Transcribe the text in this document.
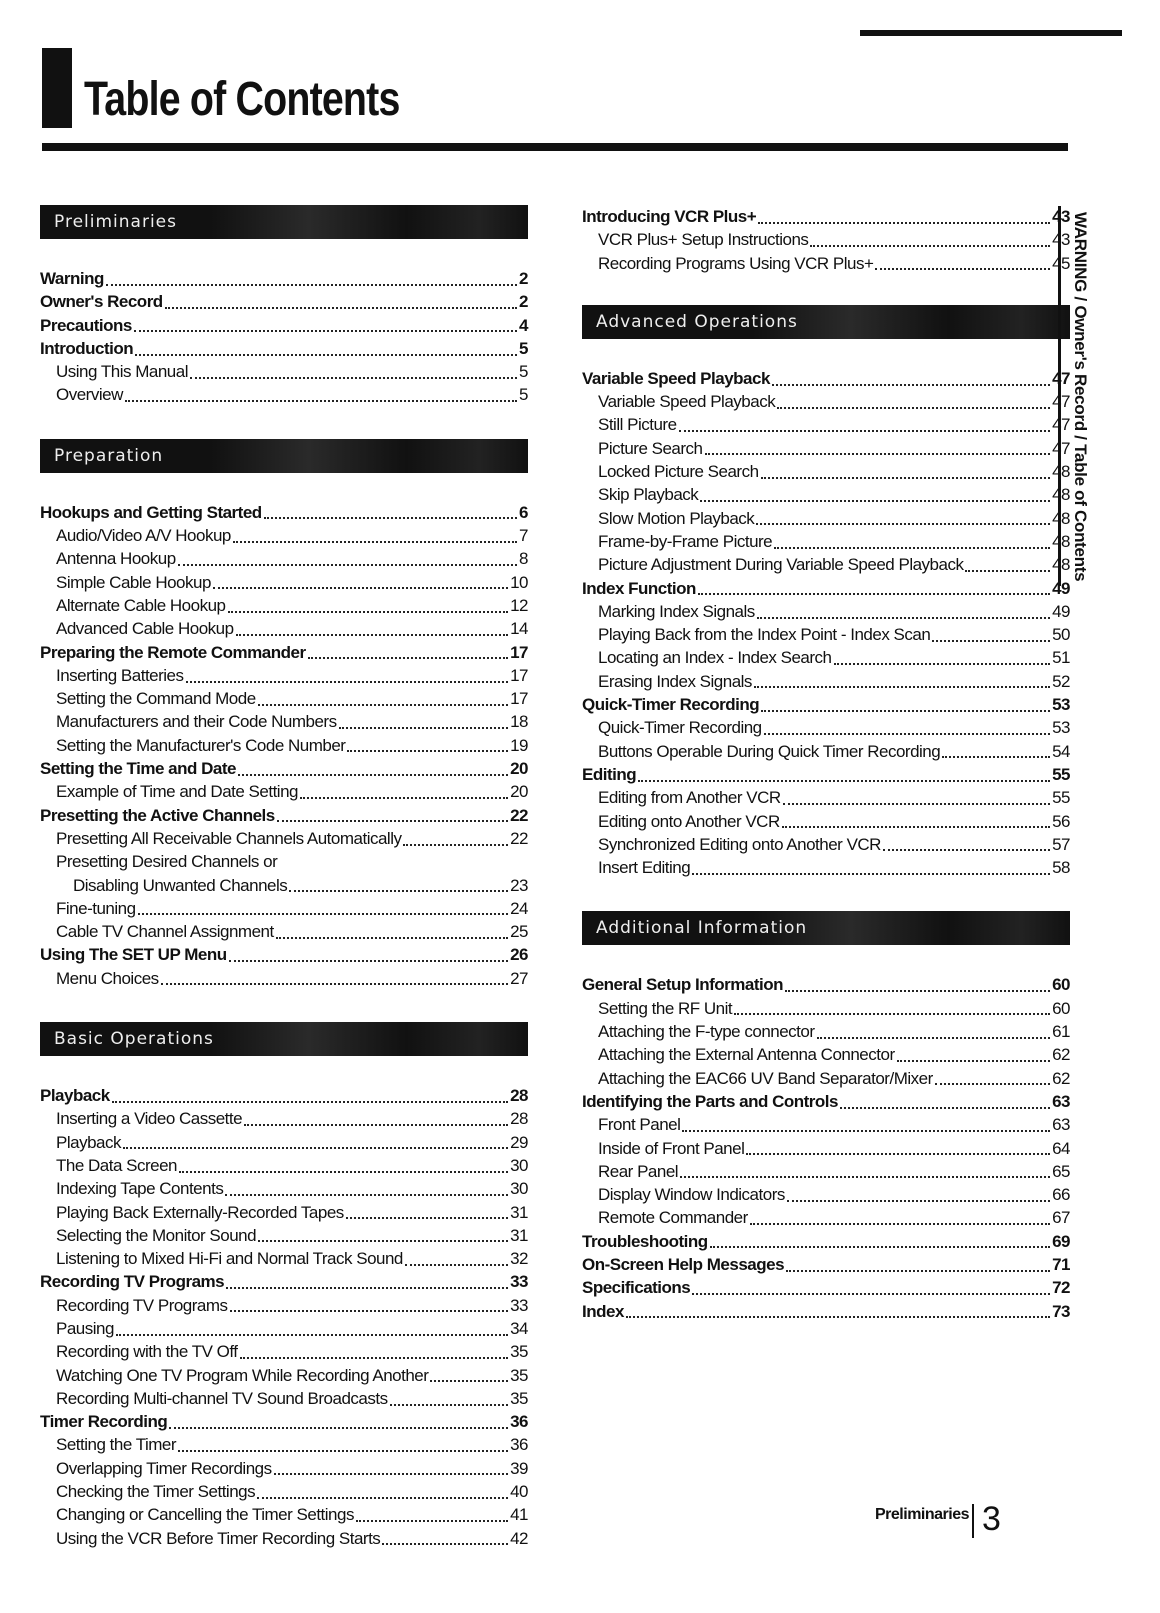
Table of Contents
Preliminaries
Warning	2
Owner's Record	2
Precautions	4
Introduction	5
Using This Manual	5
Overview	5
Preparation
Hookups and Getting Started	6
Audio/Video A/V Hookup	7
Antenna Hookup	8
Simple Cable Hookup	10
Alternate Cable Hookup	12
Advanced Cable Hookup	14
Preparing the Remote Commander	17
Inserting Batteries	17
Setting the Command Mode	17
Manufacturers and their Code Numbers	18
Setting the Manufacturer's Code Number	19
Setting the Time and Date	20
Example of Time and Date Setting	20
Presetting the Active Channels	22
Presetting All Receivable Channels Automatically	22
Presetting Desired Channels or
Disabling Unwanted Channels	23
Fine-tuning	24
Cable TV Channel Assignment	25
Using The SET UP Menu	26
Menu Choices	27
Basic Operations
Playback	28
Inserting a Video Cassette	28
Playback	29
The Data Screen	30
Indexing Tape Contents	30
Playing Back Externally-Recorded Tapes	31
Selecting the Monitor Sound	31
Listening to Mixed Hi-Fi and Normal Track Sound	32
Recording TV Programs	33
Recording TV Programs	33
Pausing	34
Recording with the TV Off	35
Watching One TV Program While Recording Another	35
Recording Multi-channel TV Sound Broadcasts	35
Timer Recording	36
Setting the Timer	36
Overlapping Timer Recordings	39
Checking the Timer Settings	40
Changing or Cancelling the Timer Settings	41
Using the VCR Before Timer Recording Starts	42
Introducing VCR Plus+	43
VCR Plus+ Setup Instructions	43
Recording Programs Using VCR Plus+	45
Advanced Operations
Variable Speed Playback	47
Variable Speed Playback	47
Still Picture	47
Picture Search	47
Locked Picture Search	48
Skip Playback	48
Slow Motion Playback	48
Frame-by-Frame Picture	48
Picture Adjustment During Variable Speed Playback	48
Index Function	49
Marking Index Signals	49
Playing Back from the Index Point - Index Scan	50
Locating an Index - Index Search	51
Erasing Index Signals	52
Quick-Timer Recording	53
Quick-Timer Recording	53
Buttons Operable During Quick Timer Recording	54
Editing	55
Editing from Another VCR	55
Editing onto Another VCR	56
Synchronized Editing onto Another VCR	57
Insert Editing	58
Additional Information
General Setup Information	60
Setting the RF Unit	60
Attaching the F-type connector	61
Attaching the External Antenna Connector	62
Attaching the EAC66 UV Band Separator/Mixer	62
Identifying the Parts and Controls	63
Front Panel	63
Inside of Front Panel	64
Rear Panel	65
Display Window Indicators	66
Remote Commander	67
Troubleshooting	69
On-Screen Help Messages	71
Specifications	72
Index	73
WARNING / Owner's Record / Table of Contents
Preliminaries 3
